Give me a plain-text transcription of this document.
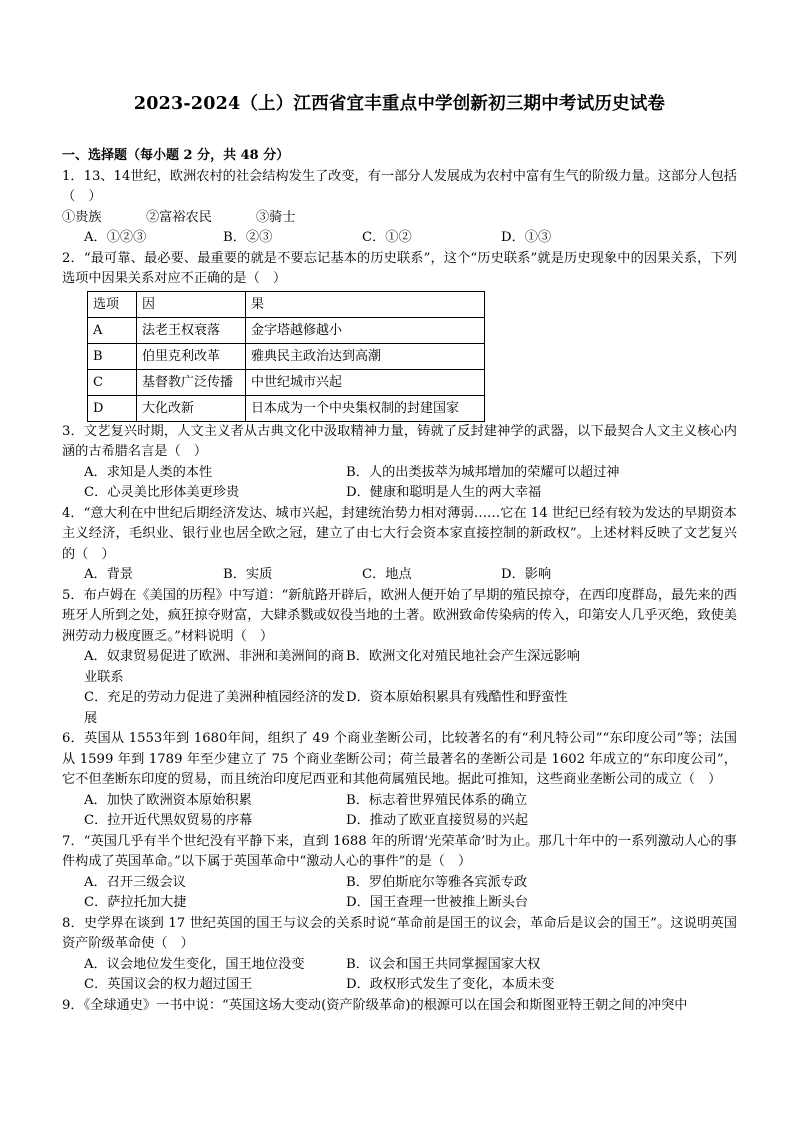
2023-2024（上）江西省宜丰重点中学创新初三期中考试历史试卷

一、选择题（每小题 2 分，共 48 分）

1．13、14世纪，欧洲农村的社会结构发生了改变，有一部分人发展成为农村中富有生气的阶级力量。这部分人包括（　）

①贵族	②富裕农民	③骑士
A．①②③	B．②③	C．①②	D．①③

2．“最可靠、最必要、最重要的就是不要忘记基本的历史联系”，这个“历史联系”就是历史现象中的因果关系，下列选项中因果关系对应不正确的是（　）

选项	因	果
A	法老王权衰落	金字塔越修越小
B	伯里克利改革	雅典民主政治达到高潮
C	基督教广泛传播	中世纪城市兴起
D	大化改新	日本成为一个中央集权制的封建国家

3．文艺复兴时期，人文主义者从古典文化中汲取精神力量，铸就了反封建神学的武器，以下最契合人文主义核心内涵的古希腊名言是（　）

A．求知是人类的本性	B．人的出类拔萃为城邦增加的荣耀可以超过神
C．心灵美比形体美更珍贵	D．健康和聪明是人生的两大幸福

4．“意大利在中世纪后期经济发达、城市兴起，封建统治势力相对薄弱……它在 14 世纪已经有较为发达的早期资本主义经济，毛织业、银行业也居全欧之冠，建立了由七大行会资本家直接控制的新政权”。上述材料反映了文艺复兴的（　）

A．背景	B．实质	C．地点	D．影响

5．布卢姆在《美国的历程》中写道：“新航路开辟后，欧洲人便开始了早期的殖民掠夺，在西印度群岛，最先来的西班牙人所到之处，疯狂掠夺财富，大肆杀戮或奴役当地的土著。欧洲致命传染病的传入，印第安人几乎灭绝，致使美洲劳动力极度匮乏。”材料说明（　）

A．奴隶贸易促进了欧洲、非洲和美洲间的商业联系
B．欧洲文化对殖民地社会产生深远影响
C．充足的劳动力促进了美洲种植园经济的发展
D．资本原始积累具有残酷性和野蛮性

6．英国从 1553年到 1680年间，组织了 49 个商业垄断公司，比较著名的有“利凡特公司”“东印度公司”等；法国从 1599 年到 1789 年至少建立了 75 个商业垄断公司；荷兰最著名的垄断公司是 1602 年成立的“东印度公司”，它不但垄断东印度的贸易，而且统治印度尼西亚和其他荷属殖民地。据此可推知，这些商业垄断公司的成立（　）

A．加快了欧洲资本原始积累	B．标志着世界殖民体系的确立
C．拉开近代黑奴贸易的序幕	D．推动了欧亚直接贸易的兴起

7．“英国几乎有半个世纪没有平静下来，直到 1688 年的所谓‘光荣革命’时为止。那几十年中的一系列激动人心的事件构成了英国革命。”以下属于英国革命中“激动人心的事件”的是（　）

A．召开三级会议	B．罗伯斯庇尔等雅各宾派专政
C．萨拉托加大捷	D．国王查理一世被推上断头台

8．史学界在谈到 17 世纪英国的国王与议会的关系时说“革命前是国王的议会，革命后是议会的国王”。这说明英国资产阶级革命使（　）

A．议会地位发生变化，国王地位没变	B．议会和国王共同掌握国家大权
C．英国议会的权力超过国王	D．政权形式发生了变化，本质未变

9．《全球通史》一书中说：“英国这场大变动(资产阶级革命)的根源可以在国会和斯图亚特王朝之间的冲突中
